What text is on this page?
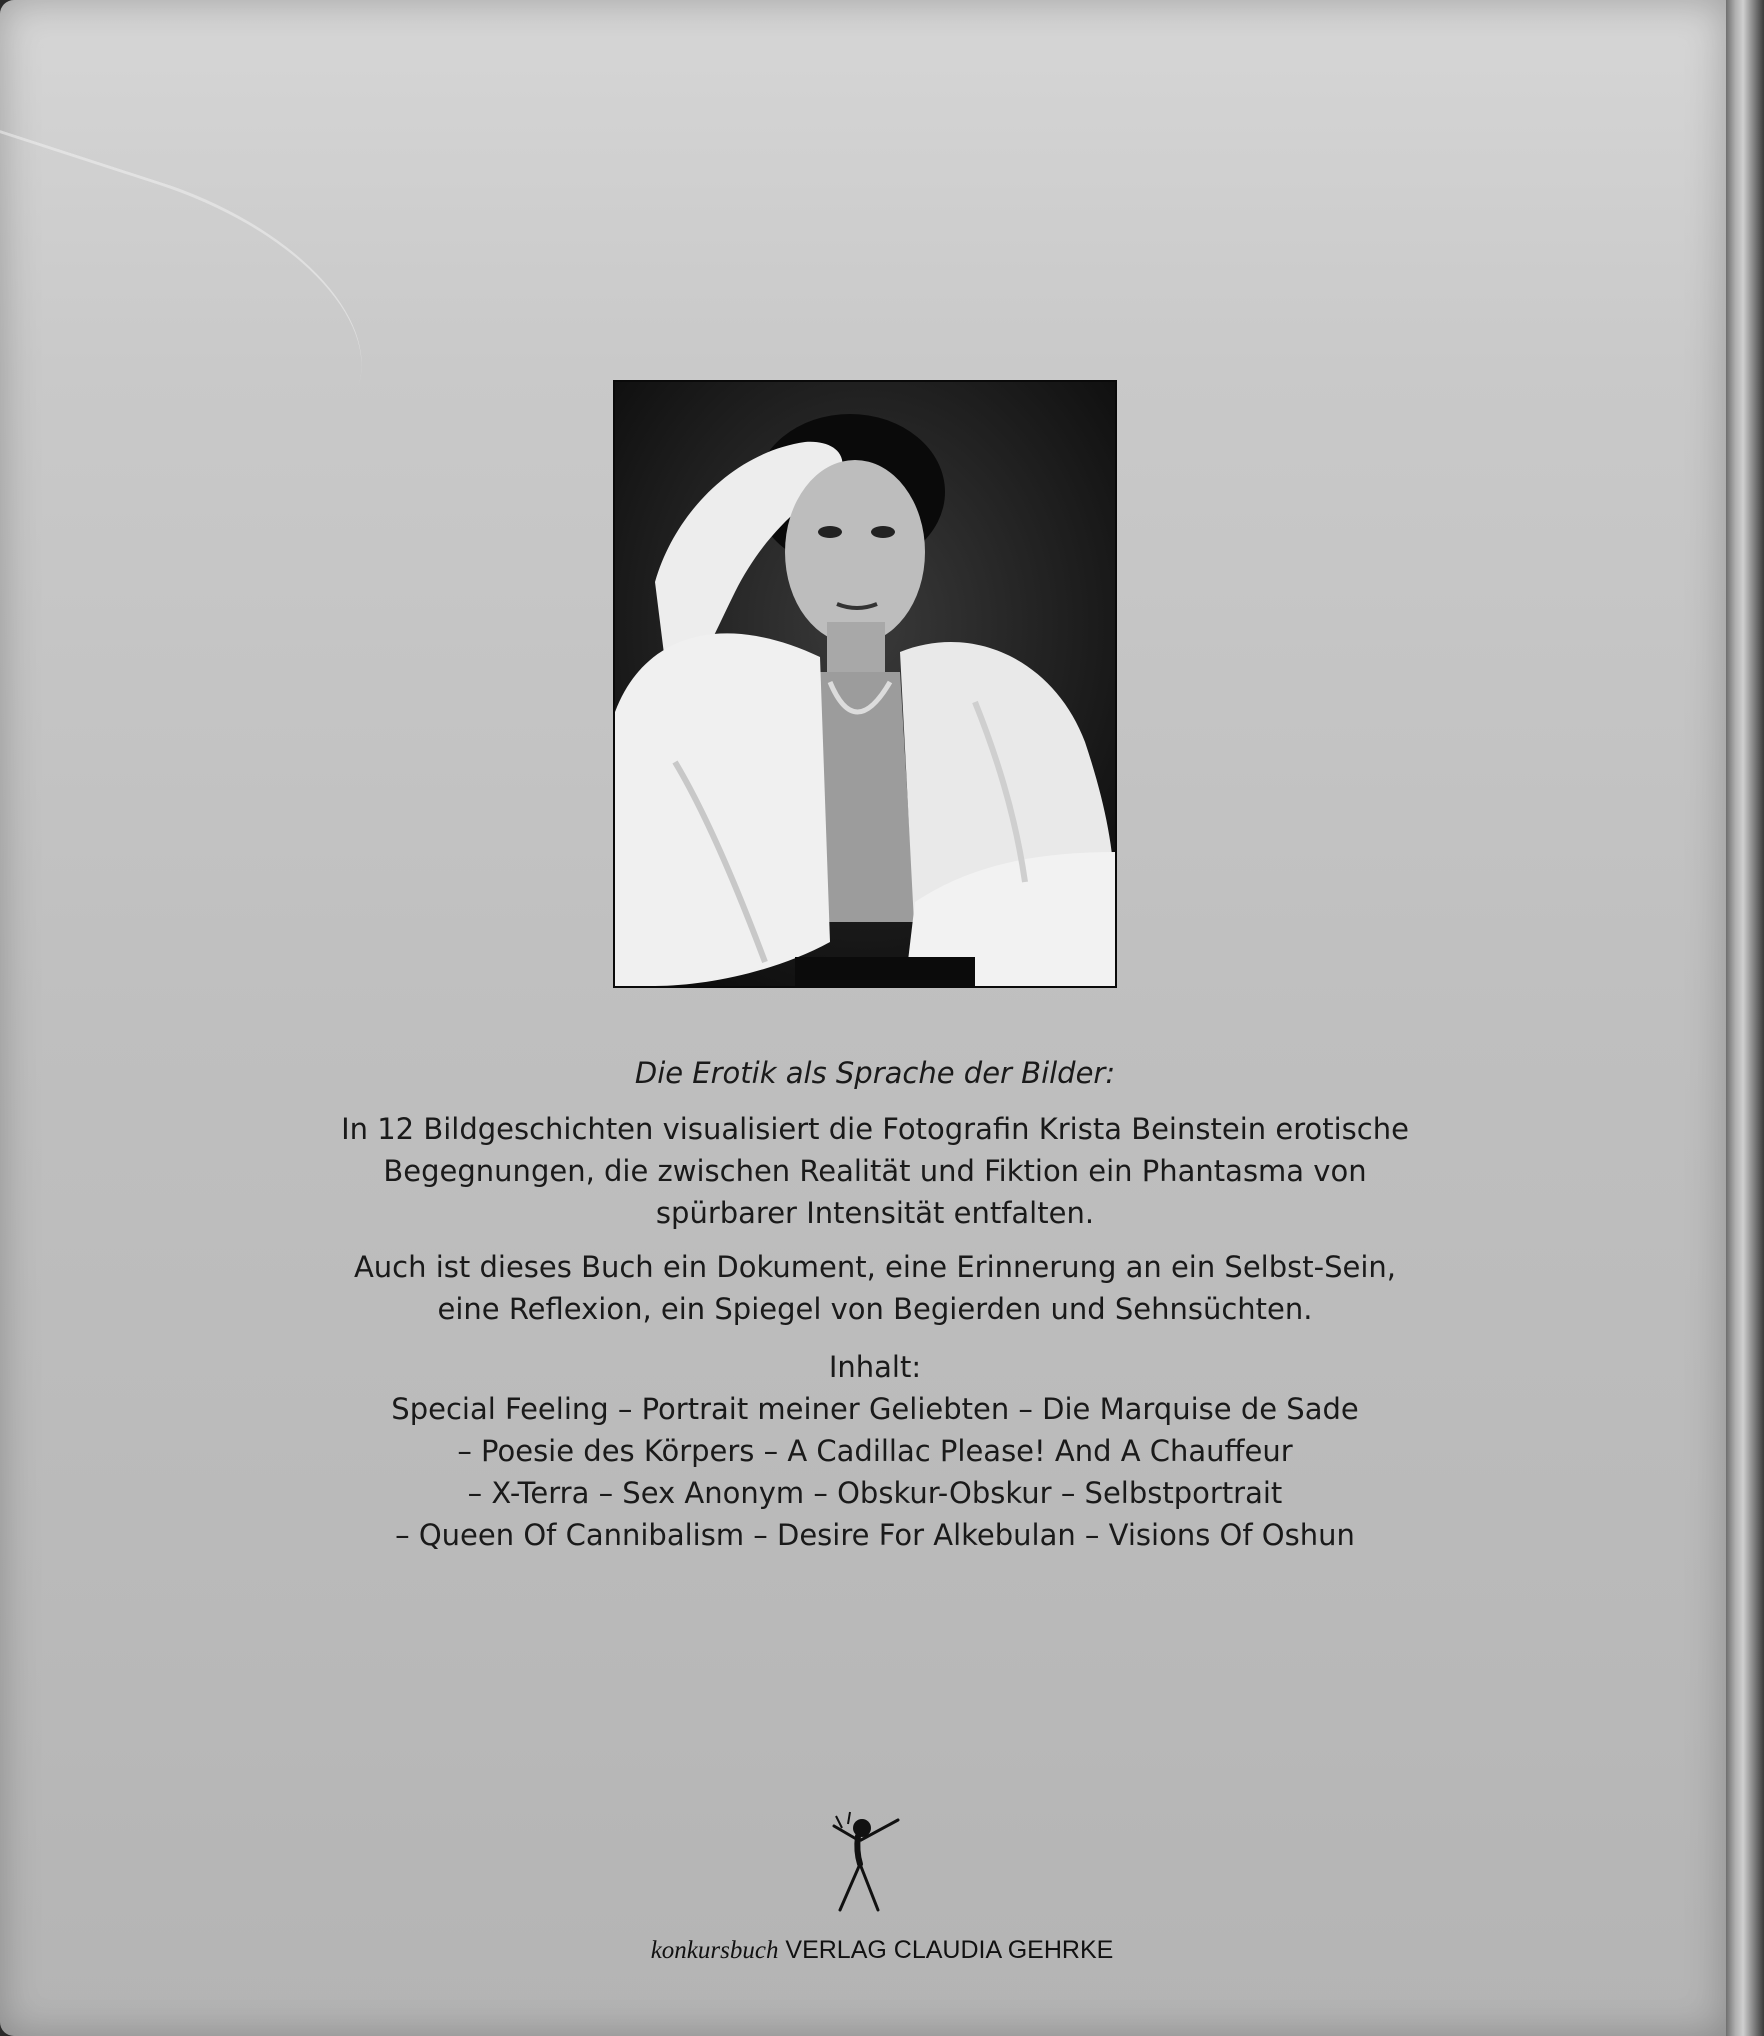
Die Erotik als Sprache der Bilder:
In 12 Bildgeschichten visualisiert die Fotografin Krista Beinstein erotische
Begegnungen, die zwischen Realität und Fiktion ein Phantasma von
spürbarer Intensität entfalten.
Auch ist dieses Buch ein Dokument, eine Erinnerung an ein Selbst-Sein,
eine Reflexion, ein Spiegel von Begierden und Sehnsüchten.
Inhalt:
Special Feeling – Portrait meiner Geliebten – Die Marquise de Sade
– Poesie des Körpers – A Cadillac Please! And A Chauffeur
– X-Terra – Sex Anonym – Obskur-Obskur – Selbstportrait
– Queen Of Cannibalism – Desire For Alkebulan – Visions Of Oshun
konkursbuch VERLAG CLAUDIA GEHRKE
